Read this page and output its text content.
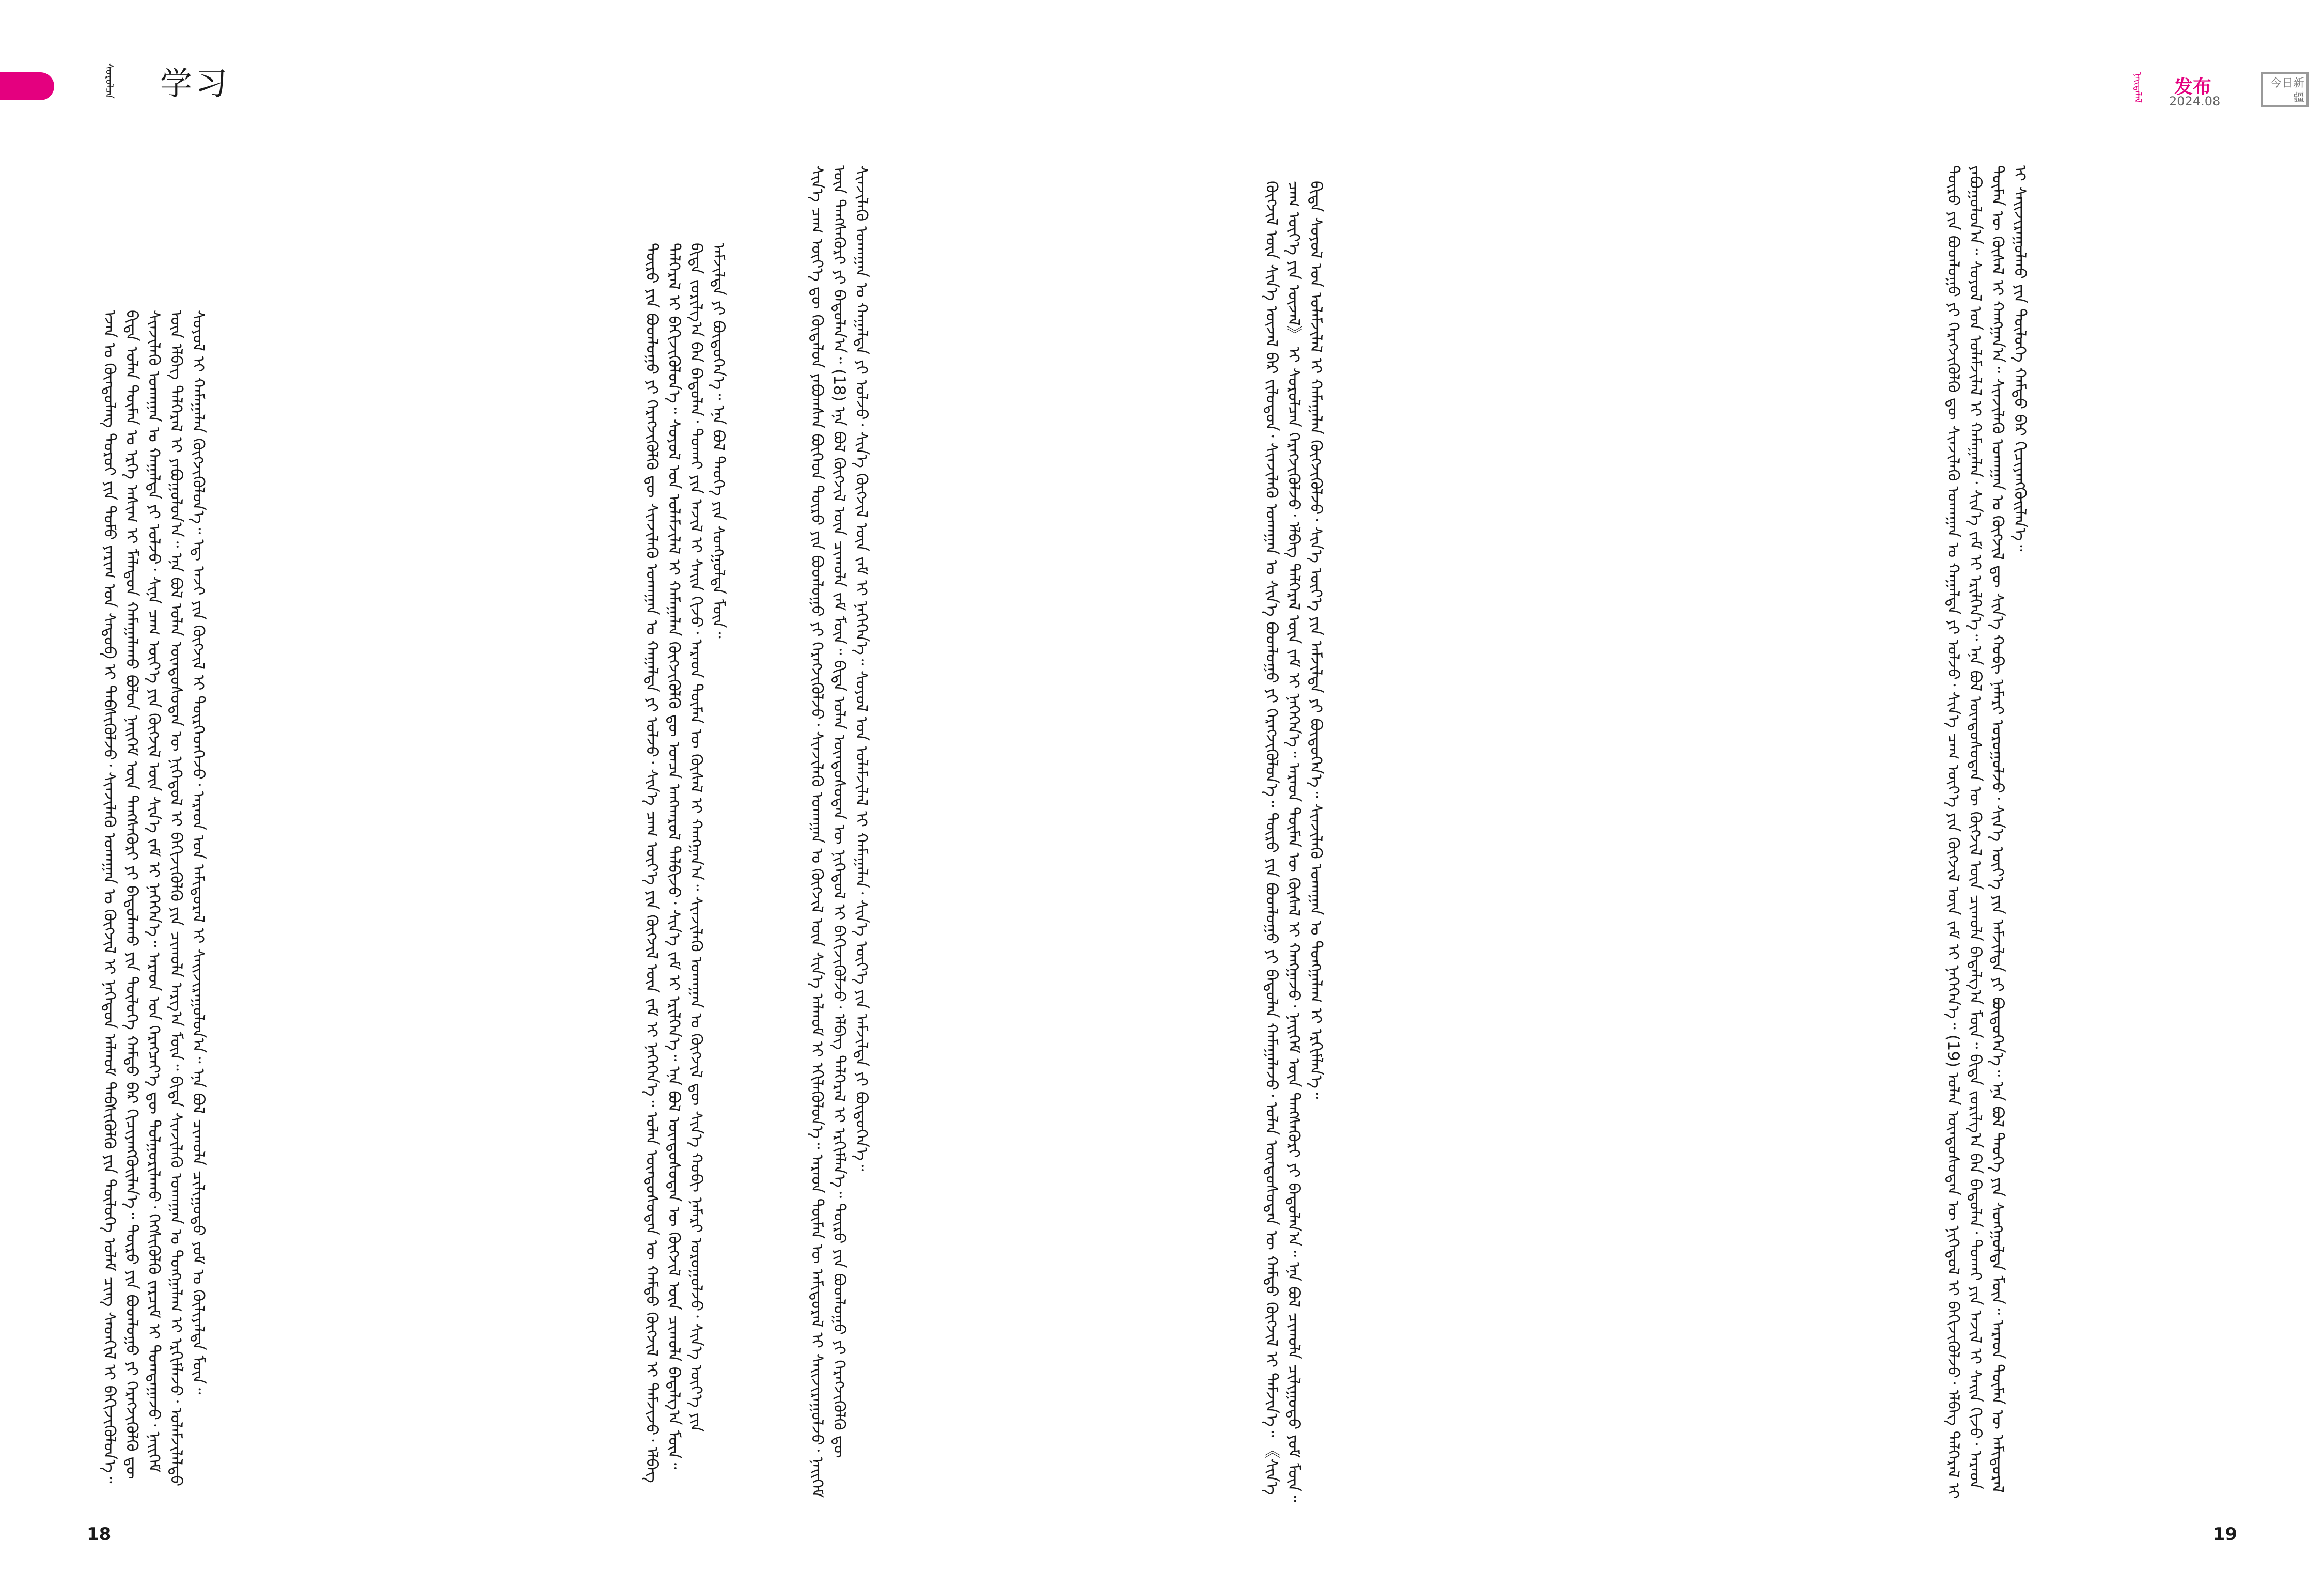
ᠰᠤᠷᠤᠯᠴᠠ 学习	ᠨᠡᠢᠲᠡᠯᠡᠯ 发布
2024.08
今日新疆
ᠡᠵᠡᠨ ᠤ ᠬᠥᠨᠳᠦᠯᠡᠩ ᠳᠣᠷᠤᠢ ᠶᠢᠨ ᠲᠣᠮᠤ ᠶᠠᠷᠢᠭ ᠤᠨ ᠰᠡᠳᠦᠪ ᠢ ᠳᠡᠪᠰᠢᠭᠦᠯᠵᠦ᠂ ᠰᠢᠨᠵᠢᠯᠡᠬᠦ ᠤᠬᠠᠭᠠᠨ ᠤ ᠬᠥᠭᠵᠢᠯ ᠢ ᠨᠡᠭᠡᠳᠦᠨ ᠠᠯᠬᠤᠮ ᠳᠡᠪᠰᠢᠭᠦᠯᠬᠦ ᠶᠢᠨ ᠲᠥᠯᠦᠭᠡ ᠤᠯᠠᠮ ᠴᠢᠩ ᠰᠡᠳᠬᠢᠯ ᠢ ᠪᠡᠬᠢᠵᠢᠭᠦᠯᠦᠨ᠎ᠡ᠃ ᠪᠢᠳᠡ ᠣᠯᠠᠨ ᠲᠦᠮᠡᠨ ᠤ ᠡᠷᠬᠡ ᠠᠰᠢᠭ ᠢ ᠮᠠᠯᠠᠳᠤᠨ ᠬᠠᠮᠠᠭᠠᠯᠠᠬᠤ ᠪᠣᠯᠤᠨ ᠨᠡᠢᠭᠡᠮ ᠦᠨ ᠲᠡᠩᠰᠡᠭᠦᠷᠢ ᠶᠢ ᠪᠠᠲᠤᠯᠠᠬᠤ ᠶᠢᠨ ᠲᠥᠯᠦᠭᠡ ᠬᠠᠮᠲᠤ ᠪᠠᠷ ᠬᠢᠴᠢᠶᠡᠩᠭᠦᠢᠯᠡᠨ᠎ᠡ᠃ ᠲᠥᠷᠦ ᠶᠢᠨ ᠪᠣᠳᠯᠣᠭᠣ ᠶᠢ ᠬᠡᠷᠡᠭᠵᠢᠭᠦᠯᠬᠦ ᠳᠦ ᠰᠢᠨᠵᠢᠯᠡᠬᠦ ᠤᠬᠠᠭᠠᠨ ᠤ ᠬᠠᠭᠠᠯᠲᠠ ᠶᠢ ᠣᠯᠵᠤ᠂ ᠱᠢᠨᠡ ᠴᠠᠭ ᠦᠶ᠎ᠡ ᠶᠢᠨ ᠬᠥᠭᠵᠢᠯ ᠦᠨ ᠰᠢᠨ᠎ᠡ ᠵᠠᠮ ᠢ ᠨᠡᠭᠡᠭᠡᠨ᠎ᠡ᠃ ᠠᠷᠠᠳ ᠤᠨ ᠬᠡᠷᠡᠭᠴᠡᠶ᠎ᠡ ᠳᠦ ᠲᠤᠯᠭᠤᠷᠢᠯᠠᠬᠤ᠂ ᠬᠡᠭᠰᠢᠭᠦᠯᠬᠦ ᠵᠠᠷᠴᠢᠮ ᠢ ᠲᠣᠭᠲᠠᠭᠠᠵᠤ᠂ ᠨᠡᠢᠭᠡᠮ ᠦᠨ ᠡᠯᠪᠡᠭ ᠳᠡᠯᠭᠡᠷᠡᠯ ᠢ ᠶᠠᠪᠤᠭᠤᠯᠤᠨ᠎ᠠ᠃ ᠡᠨᠡ ᠪᠣᠯ ᠣᠯᠠᠨ ᠦᠨᠳᠦᠰᠦᠲᠡᠨ ᠦ ᠨᠢᠭᠡᠳᠦᠯ ᠢ ᠪᠡᠬᠢᠵᠢᠭᠦᠯᠬᠦ ᠶᠢᠨ ᠴᠢᠬᠤᠯᠠ ᠠᠷᠭ᠎ᠠ ᠮᠥᠨ᠃ ᠪᠢᠳᠡ ᠰᠢᠨᠵᠢᠯᠡᠬᠦ ᠤᠬᠠᠭᠠᠨ ᠤ ᠲᠤᠩᠭᠠᠯᠠᠭ ᠢ ᠡᠷᠬᠢᠮᠯᠡᠵᠦ᠂ ᠤᠯᠠᠮᠵᠢᠯᠠᠯᠲᠤ ᠰᠣᠶᠣᠯ ᠢ ᠬᠠᠮᠠᠭᠠᠯᠠᠨ ᠬᠥᠭᠵᠢᠭᠦᠯᠦᠨ᠎ᠡ᠃ ᠡᠳ᠋ ᠠᠵᠢ ᠶᠢᠨ ᠬᠥᠭᠵᠢᠯ ᠢ ᠲᠦᠷᠭᠡᠳᠬᠡᠵᠦ᠂ ᠠᠷᠠᠳ ᠤᠨ ᠠᠮᠢᠳᠤᠷᠠᠯ ᠢ ᠰᠠᠢᠵᠢᠷᠠᠭᠤᠯᠤᠨ᠎ᠠ᠃ ᠡᠨᠡ ᠪᠣᠯ ᠴᠢᠬᠤᠯᠠ ᠴᠢᠯᠢᠭᠤᠲᠤ ᠶᠤᠮ ᠤ ᠬᠦᠯᠢᠶᠡᠯᠲᠡ ᠮᠥᠨ᠃	ᠲᠦᠷᠦ ᠶᠢᠨ ᠪᠣᠳᠯᠣᠭᠣ ᠶᠢ ᠬᠡᠷᠡᠭᠵᠢᠭᠦᠯᠬᠦ ᠳᠦ ᠰᠢᠨᠵᠢᠯᠡᠬᠦ ᠤᠬᠠᠭᠠᠨ ᠤ ᠬᠠᠭᠠᠯᠲᠠ ᠶᠢ ᠣᠯᠵᠤ᠂ ᠰᠢᠨ᠎ᠡ ᠴᠠᠭ ᠦᠶ᠎ᠡ ᠶᠢᠨ ᠬᠥᠭᠵᠢᠯ ᠦᠨ ᠵᠠᠮ ᠢ ᠨᠡᠭᠡᠭᠡᠨ᠎ᠡ᠃ ᠣᠯᠠᠨ ᠦᠨᠳᠦᠰᠦᠲᠡᠨ ᠦ ᠬᠠᠮᠲᠤ ᠬᠥᠭᠵᠢᠯ ᠢ ᠳᠡᠮᠵᠢᠵᠦ᠂ ᠡᠯᠪᠡᠭ ᠳᠡᠯᠭᠡᠷᠡᠯ ᠢ ᠪᠡᠬᠢᠵᠢᠭᠦᠯᠦᠨ᠎ᠡ᠃ ᠰᠣᠶᠣᠯ ᠤᠨ ᠤᠯᠠᠮᠵᠢᠯᠠᠯ ᠢ ᠬᠠᠮᠠᠭᠠᠯᠠᠨ ᠬᠥᠭᠵᠢᠭᠦᠯᠬᠦ ᠳᠦ ᠤᠨᠴᠠ ᠠᠩᠬᠠᠷᠤᠯ ᠲᠠᠯᠪᠢᠵᠤ᠂ ᠰᠢᠨ᠎ᠡ ᠵᠠᠮ ᠢ ᠡᠷᠢᠯᠬᠡᠨ᠎ᠡ᠃ ᠡᠨᠡ ᠪᠣᠯ ᠦᠨᠳᠦᠰᠦᠲᠡᠨ ᠦ ᠬᠥᠭᠵᠢᠯ ᠦᠨ ᠴᠢᠬᠤᠯᠠ ᠪᠠᠲᠠᠯᠭ᠎ᠠ ᠮᠥᠨ᠃ ᠪᠢᠳᠡ ᠵᠣᠷᠢᠯᠭ᠎ᠠ ᠪᠠᠨ ᠪᠠᠲᠤᠯᠠᠨ᠂ ᠲᠤᠬᠠᠢ ᠶᠢᠨ ᠠᠵᠢᠯ ᠢ ᠰᠠᠢᠨ ᠬᠢᠵᠦ᠂ ᠠᠷᠠᠳ ᠲᠦᠮᠡᠨ ᠦ ᠬᠦᠰᠡᠯ ᠢ ᠬᠠᠩᠭᠠᠨ᠎ᠠ᠃ ᠰᠢᠨᠵᠢᠯᠡᠬᠦ ᠤᠬᠠᠭᠠᠨ ᠤ ᠬᠥᠭᠵᠢᠯ ᠳᠦ ᠰᠢᠨ᠎ᠡ ᠬᠤᠪᠢ ᠨᠡᠮᠡᠷᠢ ᠣᠷᠤᠭᠤᠯᠵᠤ᠂ ᠰᠢᠨ᠎ᠡ ᠦᠶ᠎ᠡ ᠶᠢᠨ ᠠᠮᠵᠢᠯᠲᠠ ᠶᠢ ᠪᠦᠲᠦᠭᠡᠨ᠎ᠡ᠃ ᠡᠨᠡ ᠪᠣᠯ ᠲᠡᠦᠬᠡ ᠶᠢᠨ ᠰᠣᠩᠭᠣᠯᠲᠠ ᠮᠥᠨ᠃	ᠰᠢᠨ᠎ᠡ ᠴᠠᠭ ᠦᠶ᠎ᠡ ᠳᠦ ᠬᠥᠳᠡᠯᠦᠨ ᠶᠠᠪᠤᠭᠰᠠᠨ ᠪᠥᠭᠡᠳ ᠲᠦᠷᠦ ᠶᠢᠨ ᠪᠣᠳᠯᠣᠭᠣ ᠶᠢ ᠬᠡᠷᠡᠭᠵᠢᠭᠦᠯᠵᠦ᠂ ᠰᠢᠨᠵᠢᠯᠡᠬᠦ ᠤᠬᠠᠭᠠᠨ ᠤ ᠬᠥᠭᠵᠢᠯ ᠦᠨ ᠰᠢᠨ᠎ᠡ ᠠᠯᠬᠤᠮ ᠢ ᠡᠬᠢᠯᠡᠭᠦᠯᠦᠨ᠎ᠡ᠃ ᠠᠷᠠᠳ ᠲᠦᠮᠡᠨ ᠦ ᠠᠮᠢᠳᠤᠷᠠᠯ ᠢ ᠰᠠᠢᠵᠢᠷᠠᠭᠤᠯᠵᠤ᠂ ᠨᠡᠢᠭᠡᠮ ᠦᠨ ᠲᠡᠩᠰᠡᠭᠦᠷᠢ ᠶᠢ ᠪᠠᠲᠤᠯᠠᠨ᠎ᠠ᠃ (18) ᠡᠨᠡ ᠪᠣᠯ ᠬᠥᠭᠵᠢᠯ ᠦᠨ ᠴᠢᠬᠤᠯᠠ ᠵᠠᠮ ᠮᠥᠨ᠃ ᠪᠢᠳᠡ ᠣᠯᠠᠨ ᠦᠨᠳᠦᠰᠦᠲᠡᠨ ᠦ ᠨᠢᠭᠡᠳᠦᠯ ᠢ ᠪᠡᠬᠢᠵᠢᠭᠦᠯᠵᠦ᠂ ᠡᠯᠪᠡᠭ ᠳᠡᠯᠭᠡᠷᠡᠯ ᠢ ᠡᠷᠬᠢᠮᠯᠡᠨ᠎ᠡ᠃ ᠲᠦᠷᠦ ᠶᠢᠨ ᠪᠣᠳᠯᠣᠭᠣ ᠶᠢ ᠬᠡᠷᠡᠭᠵᠢᠭᠦᠯᠬᠦ ᠳᠦ ᠰᠢᠨᠵᠢᠯᠡᠬᠦ ᠤᠬᠠᠭᠠᠨ ᠤ ᠬᠠᠭᠠᠯᠲᠠ ᠶᠢ ᠣᠯᠵᠤ᠂ ᠰᠢᠨ᠎ᠡ ᠬᠥᠭᠵᠢᠯ ᠦᠨ ᠵᠠᠮ ᠢ ᠨᠡᠭᠡᠭᠡᠨ᠎ᠡ᠃ ᠰᠣᠶᠣᠯ ᠤᠨ ᠤᠯᠠᠮᠵᠢᠯᠠᠯ ᠢ ᠬᠠᠮᠠᠭᠠᠯᠠᠨ᠂ ᠰᠢᠨ᠎ᠡ ᠦᠶ᠎ᠡ ᠶᠢᠨ ᠠᠮᠵᠢᠯᠲᠠ ᠶᠢ ᠪᠦᠲᠦᠭᠡᠨ᠎ᠡ᠃	ᠬᠥᠭᠵᠢᠯ ᠦᠨ ᠰᠢᠨ᠎ᠡ ᠦᠵᠡᠯ ᠪᠠᠷ ᠵᠢᠯᠣᠳᠤᠨ᠂ ᠰᠢᠨᠵᠢᠯᠡᠬᠦ ᠤᠬᠠᠭᠠᠨ ᠤ ᠰᠢᠨ᠎ᠡ ᠪᠣᠳᠯᠣᠭᠣ ᠶᠢ ᠬᠡᠷᠡᠭᠵᠢᠭᠦᠯᠦᠨ᠎ᠡ᠃ ᠲᠦᠷᠦ ᠶᠢᠨ ᠪᠣᠳᠯᠣᠭᠣ ᠶᠢ ᠪᠠᠲᠤᠯᠠᠨ ᠬᠠᠮᠠᠭᠠᠯᠠᠵᠤ᠂ ᠣᠯᠠᠨ ᠦᠨᠳᠦᠰᠦᠲᠡᠨ ᠦ ᠬᠠᠮᠲᠤ ᠬᠥᠭᠵᠢᠯ ᠢ ᠳᠡᠮᠵᠢᠨ᠎ᠡ᠃ 《ᠰᠢᠨ᠎ᠡ ᠴᠠᠭ ᠦᠶ᠎ᠡ ᠶᠢᠨ ᠦᠵᠡᠯ》 ᠢ ᠰᠤᠷᠤᠯᠴᠠᠨ ᠬᠡᠷᠡᠭᠵᠢᠭᠦᠯᠵᠦ᠂ ᠡᠯᠪᠡᠭ ᠳᠡᠯᠭᠡᠷᠡᠯ ᠦᠨ ᠵᠠᠮ ᠢ ᠨᠡᠭᠡᠭᠡᠨ᠎ᠡ᠃ ᠠᠷᠠᠳ ᠲᠦᠮᠡᠨ ᠦ ᠬᠦᠰᠡᠯ ᠢ ᠬᠠᠩᠭᠠᠵᠤ᠂ ᠨᠡᠢᠭᠡᠮ ᠦᠨ ᠲᠡᠩᠰᠡᠭᠦᠷᠢ ᠶᠢ ᠪᠠᠲᠤᠯᠠᠨ᠎ᠠ᠃ ᠡᠨᠡ ᠪᠣᠯ ᠴᠢᠬᠤᠯᠠ ᠴᠢᠯᠢᠭᠤᠲᠤ ᠶᠤᠮ ᠮᠥᠨ᠃ ᠪᠢᠳᠡ ᠰᠣᠶᠣᠯ ᠤᠨ ᠤᠯᠠᠮᠵᠢᠯᠠᠯ ᠢ ᠬᠠᠮᠠᠭᠠᠯᠠᠨ ᠬᠥᠭᠵᠢᠭᠦᠯᠵᠦ᠂ ᠰᠢᠨ᠎ᠡ ᠦᠶ᠎ᠡ ᠶᠢᠨ ᠠᠮᠵᠢᠯᠲᠠ ᠶᠢ ᠪᠦᠲᠦᠭᠡᠨ᠎ᠡ᠃ ᠰᠢᠨᠵᠢᠯᠡᠬᠦ ᠤᠬᠠᠭᠠᠨ ᠤ ᠲᠤᠩᠭᠠᠯᠠᠭ ᠢ ᠡᠷᠬᠢᠮᠯᠡᠨ᠎ᠡ᠃	ᠲᠦᠷᠦ ᠶᠢᠨ ᠪᠣᠳᠯᠣᠭᠣ ᠶᠢ ᠬᠡᠷᠡᠭᠵᠢᠭᠦᠯᠬᠦ ᠳᠦ ᠰᠢᠨᠵᠢᠯᠡᠬᠦ ᠤᠬᠠᠭᠠᠨ ᠤ ᠬᠠᠭᠠᠯᠲᠠ ᠶᠢ ᠣᠯᠵᠤ᠂ ᠰᠢᠨ᠎ᠡ ᠴᠠᠭ ᠦᠶ᠎ᠡ ᠶᠢᠨ ᠬᠥᠭᠵᠢᠯ ᠦᠨ ᠵᠠᠮ ᠢ ᠨᠡᠭᠡᠭᠡᠨ᠎ᠡ᠃ (19) ᠣᠯᠠᠨ ᠦᠨᠳᠦᠰᠦᠲᠡᠨ ᠦ ᠨᠢᠭᠡᠳᠦᠯ ᠢ ᠪᠡᠬᠢᠵᠢᠭᠦᠯᠵᠦ᠂ ᠡᠯᠪᠡᠭ ᠳᠡᠯᠭᠡᠷᠡᠯ ᠢ ᠶᠠᠪᠤᠭᠤᠯᠤᠨ᠎ᠠ᠃ ᠰᠣᠶᠣᠯ ᠤᠨ ᠤᠯᠠᠮᠵᠢᠯᠠᠯ ᠢ ᠬᠠᠮᠠᠭᠠᠯᠠᠨ᠂ ᠰᠢᠨ᠎ᠡ ᠵᠠᠮ ᠢ ᠡᠷᠢᠯᠬᠡᠨ᠎ᠡ᠃ ᠡᠨᠡ ᠪᠣᠯ ᠦᠨᠳᠦᠰᠦᠲᠡᠨ ᠦ ᠬᠥᠭᠵᠢᠯ ᠦᠨ ᠴᠢᠬᠤᠯᠠ ᠪᠠᠲᠠᠯᠭ᠎ᠠ ᠮᠥᠨ᠃ ᠪᠢᠳᠡ ᠵᠣᠷᠢᠯᠭ᠎ᠠ ᠪᠠᠨ ᠪᠠᠲᠤᠯᠠᠨ᠂ ᠲᠤᠬᠠᠢ ᠶᠢᠨ ᠠᠵᠢᠯ ᠢ ᠰᠠᠢᠨ ᠬᠢᠵᠦ᠂ ᠠᠷᠠᠳ ᠲᠦᠮᠡᠨ ᠦ ᠬᠦᠰᠡᠯ ᠢ ᠬᠠᠩᠭᠠᠨ᠎ᠠ᠃ ᠰᠢᠨᠵᠢᠯᠡᠬᠦ ᠤᠬᠠᠭᠠᠨ ᠤ ᠬᠥᠭᠵᠢᠯ ᠳᠦ ᠰᠢᠨ᠎ᠡ ᠬᠤᠪᠢ ᠨᠡᠮᠡᠷᠢ ᠣᠷᠤᠭᠤᠯᠵᠤ᠂ ᠰᠢᠨ᠎ᠡ ᠦᠶ᠎ᠡ ᠶᠢᠨ ᠠᠮᠵᠢᠯᠲᠠ ᠶᠢ ᠪᠦᠲᠦᠭᠡᠨ᠎ᠡ᠃ ᠡᠨᠡ ᠪᠣᠯ ᠲᠡᠦᠬᠡ ᠶᠢᠨ ᠰᠣᠩᠭᠣᠯᠲᠠ ᠮᠥᠨ᠃ ᠠᠷᠠᠳ ᠲᠦᠮᠡᠨ ᠦ ᠠᠮᠢᠳᠤᠷᠠᠯ ᠢ ᠰᠠᠢᠵᠢᠷᠠᠭᠤᠯᠬᠤ ᠶᠢᠨ ᠲᠥᠯᠦᠭᠡ ᠬᠠᠮᠲᠤ ᠪᠠᠷ ᠬᠢᠴᠢᠶᠡᠩᠭᠦᠢᠯᠡᠨ᠎ᠡ᠃
18	19
